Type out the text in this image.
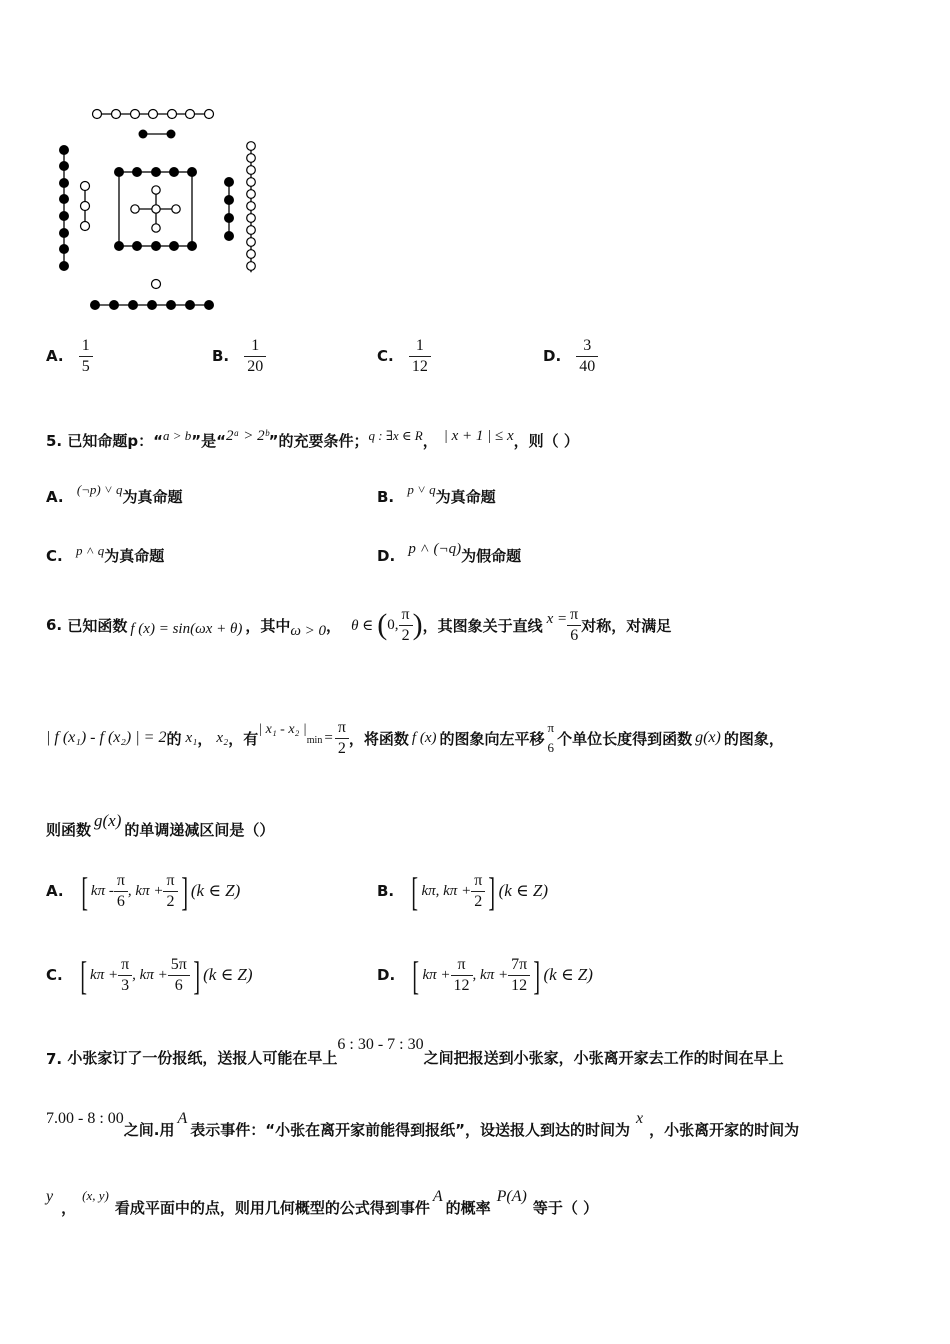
A. $\frac{1}{5}$	B. $\frac{1}{20}$	C. $\frac{1}{12}$	D. $\frac{3}{40}$
5. 已知命题p：“a > b”是“2ᵃ > 2ᵇ”的充要条件；q : ∃x ∈ R， | x + 1 | ≤ x，则（ ）
A. (¬p) ˅ q为真命题	B. p ˅ q为真命题
C. p ˄ q为真命题	D. p ˄ (¬q)为假命题
6.
已知函数 f (x) = sin(ωx + θ) ，其中 ω > 0 ， θ ∈ ( 0, $\frac{\pi}{2}$ ) ，其图象关于直线 $x = \frac{\pi}{6}$ 对称，对满足
| f (x₁) - f (x₂) | = 2 的 x₁ ， x₂ ，有 | x₁ - x₂ |
$\min = \frac{\pi}{2}$ ，将函数 f (x) 的图象向左平移
π
6 个单位长度得到函数 g(x) 的图象，
则函数 g(x) 的单调递减区间是（）
A. [ kπ - $\frac{\pi}{6}$ , $k\pi + \frac{\pi}{2}$ ] (k ∈ Z)	B. [ kπ, $k\pi + \frac{\pi}{2}$ ] (k ∈ Z)
C. [ $k\pi + \frac{\pi}{3}$ , $k\pi + \frac{5\pi}{6}$ ] (k ∈ Z)	D. [ $k\pi + \frac{\pi}{12}$ , $k\pi + \frac{7\pi}{12}$ ] (k ∈ Z)
7.
小张家订了一份报纸，送报人可能在早上
6 : 30 - 7 : 30
之间把报送到小张家，小张离开家去工作的时间在早上
7.00 - 8 : 00
之间.用
A
表示事件：“小张在离开家前能得到报纸”，设送报人到达的时间为
x
，小张离开家的时间为
y
，
(x, y)
看成平面中的点，则用几何概型的公式得到事件
A
的概率
P(A)
等于（ ）
